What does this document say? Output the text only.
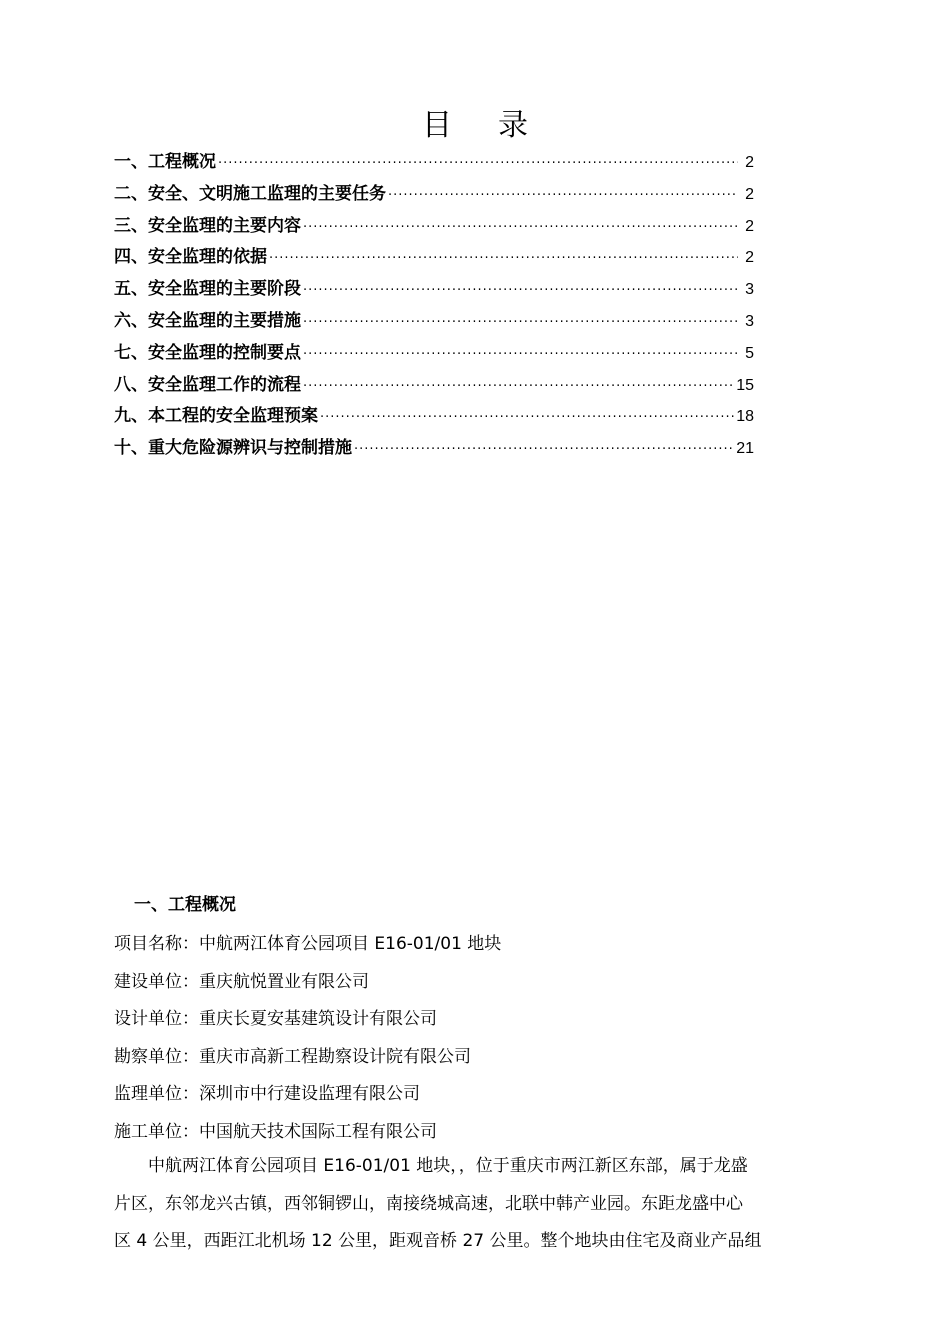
目 录
一、工程概况 ·····	2
二、安全、文明施工监理的主要任务 ·····	2
三、安全监理的主要内容 ·····	2
四、安全监理的依据 ·····	2
五、安全监理的主要阶段 ·····	3
六、安全监理的主要措施 ·····	3
七、安全监理的控制要点 ·····	5
八、安全监理工作的流程 ·····	15
九、本工程的安全监理预案 ·····	18
十、重大危险源辨识与控制措施 ·····	21
一、工程概况
项目名称：中航两江体育公园项目 E16-01/01 地块
建设单位：重庆航悦置业有限公司
设计单位：重庆长夏安基建筑设计有限公司
勘察单位：重庆市高新工程勘察设计院有限公司
监理单位：深圳市中行建设监理有限公司
施工单位：中国航天技术国际工程有限公司

中航两江体育公园项目 E16-01/01 地块，，位于重庆市两江新区东部，属于龙盛

片区，东邻龙兴古镇，西邻铜锣山，南接绕城高速，北联中韩产业园。东距龙盛中心

区 4 公里，西距江北机场 12 公里，距观音桥 27 公里。整个地块由住宅及商业产品组
